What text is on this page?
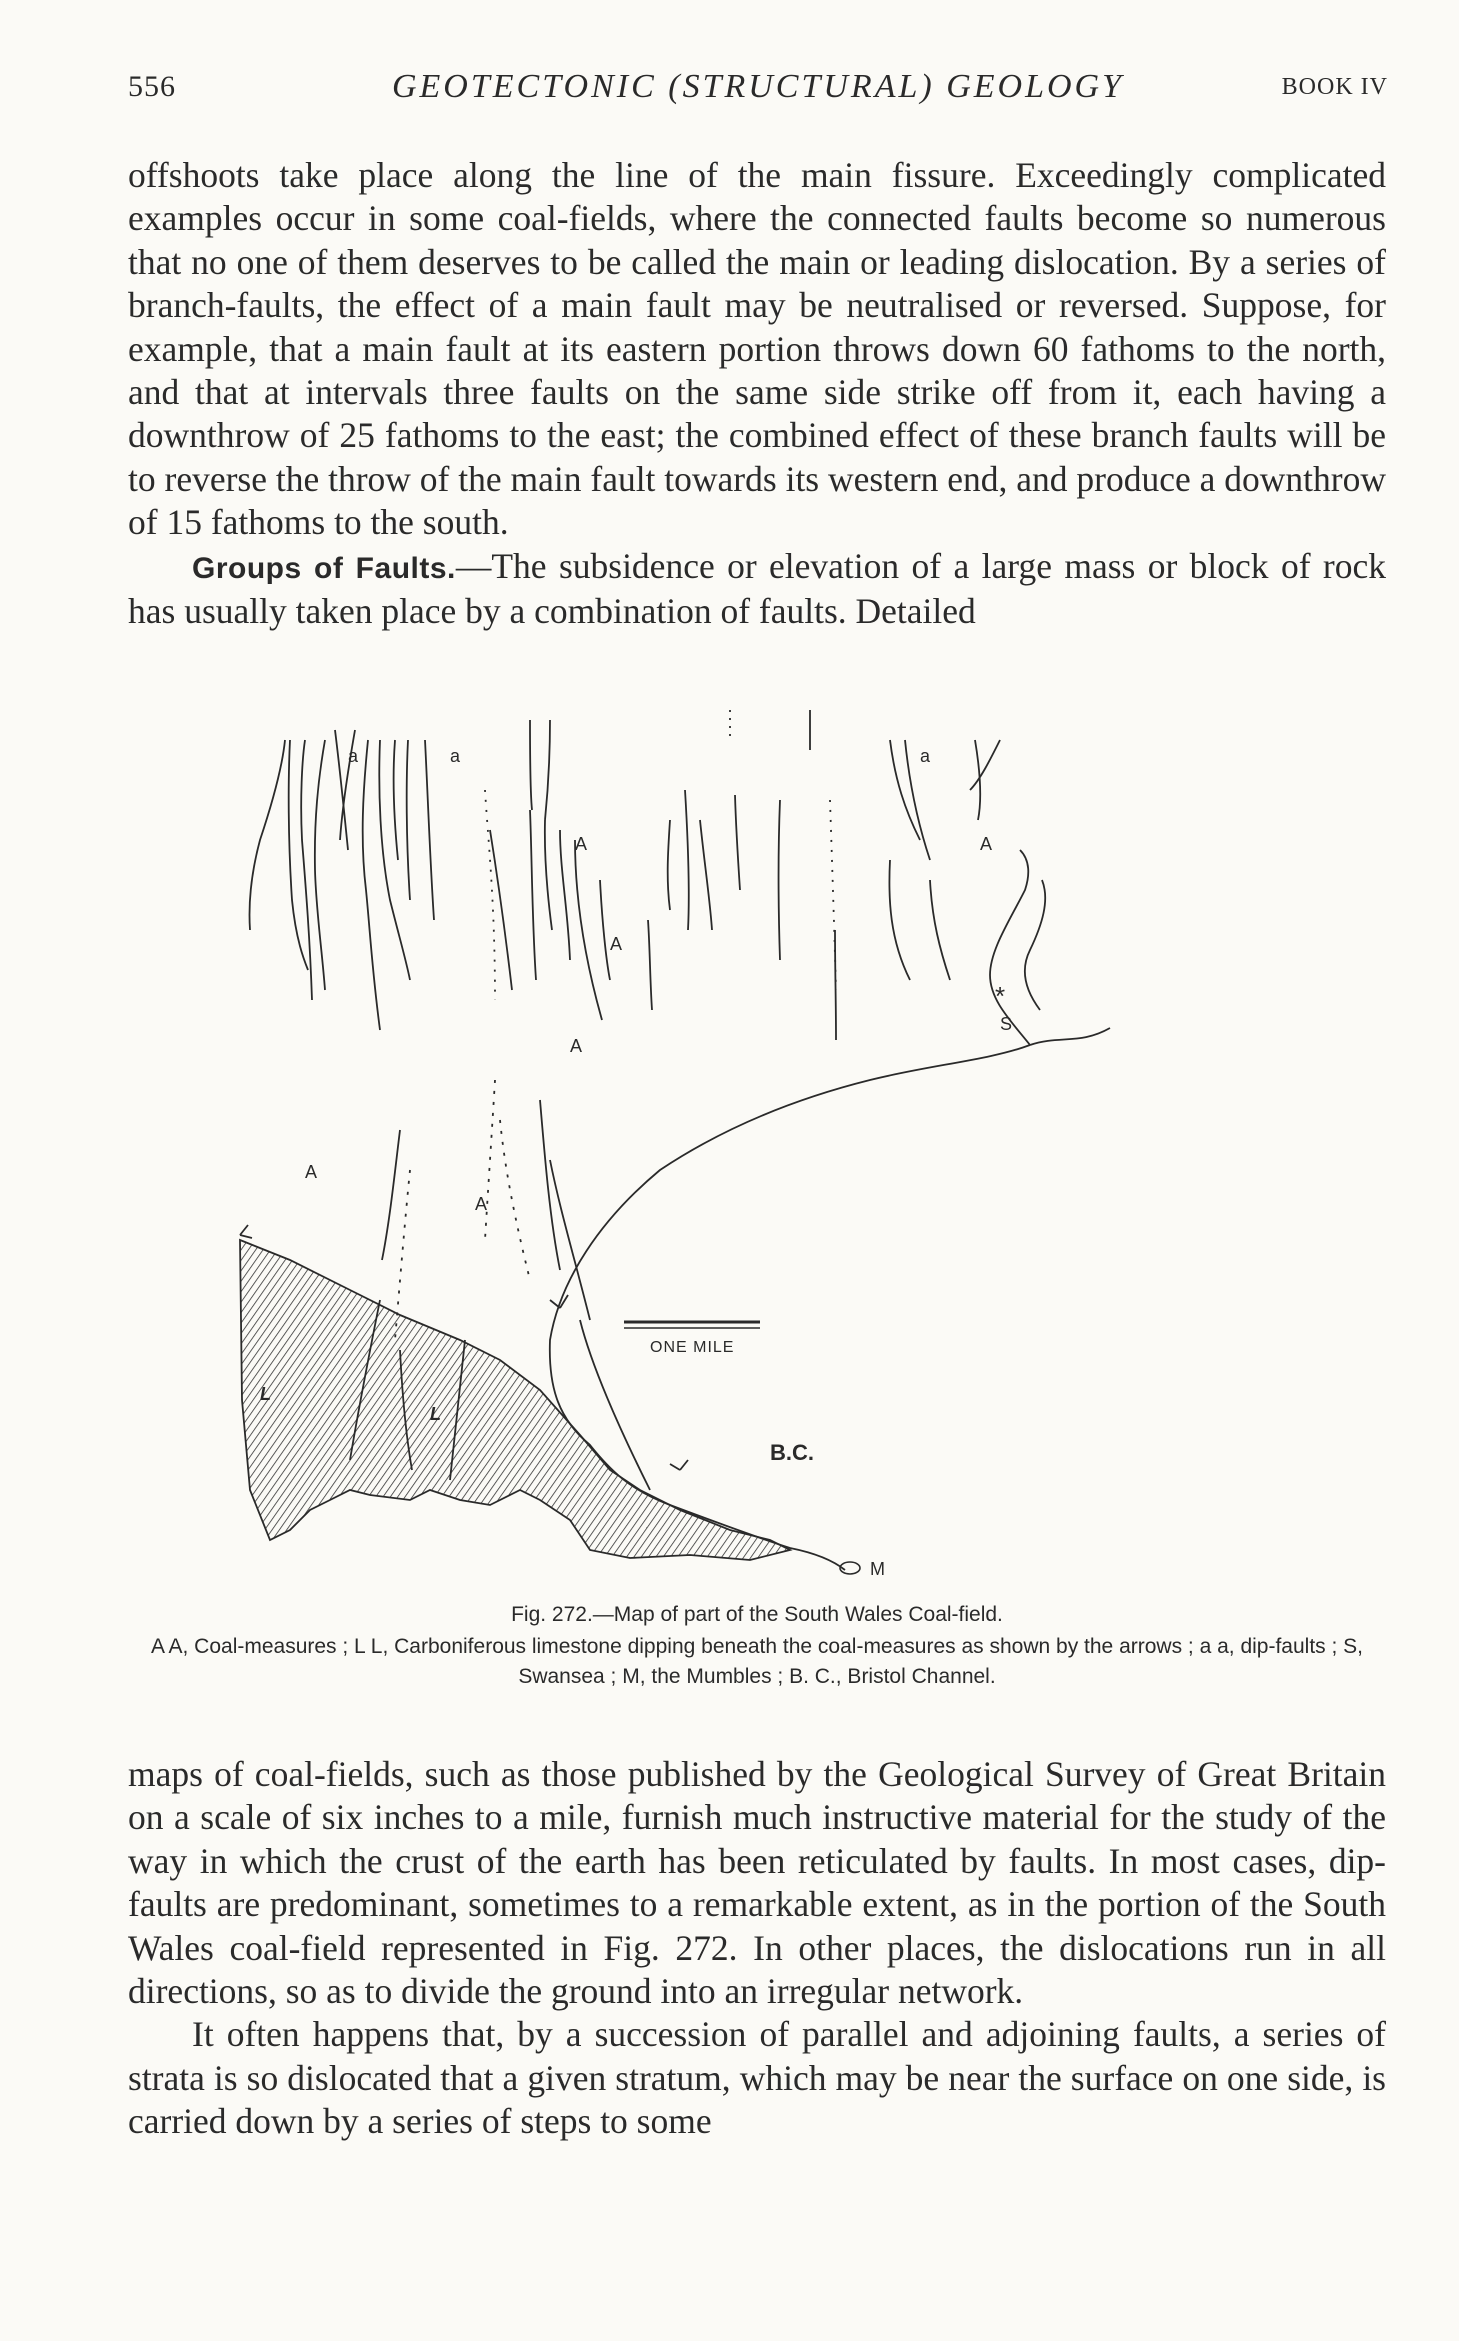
556	GEOTECTONIC (STRUCTURAL) GEOLOGY	BOOK IV

offshoots take place along the line of the main fissure. Exceedingly complicated examples occur in some coal-fields, where the connected faults become so numerous that no one of them deserves to be called the main or leading dislocation. By a series of branch-faults, the effect of a main fault may be neutralised or reversed. Suppose, for example, that a main fault at its eastern portion throws down 60 fathoms to the north, and that at intervals three faults on the same side strike off from it, each having a downthrow of 25 fathoms to the east; the combined effect of these branch faults will be to reverse the throw of the main fault towards its western end, and produce a downthrow of 15 fathoms to the south.

Groups of Faults.—The subsidence or elevation of a large mass or block of rock has usually taken place by a combination of faults. Detailed

a	a	a
A	A
A
A
A
A
L
L
*
S
M
ONE MILE
B.C.

Fig. 272.—Map of part of the South Wales Coal-field.

A A, Coal-measures ; L L, Carboniferous limestone dipping beneath the coal-measures as shown by the arrows ; a a, dip-faults ; S, Swansea ; M, the Mumbles ; B. C., Bristol Channel.

maps of coal-fields, such as those published by the Geological Survey of Great Britain on a scale of six inches to a mile, furnish much instructive material for the study of the way in which the crust of the earth has been reticulated by faults. In most cases, dip-faults are predominant, sometimes to a remarkable extent, as in the portion of the South Wales coal-field represented in Fig. 272. In other places, the dislocations run in all directions, so as to divide the ground into an irregular network.

It often happens that, by a succession of parallel and adjoining faults, a series of strata is so dislocated that a given stratum, which may be near the surface on one side, is carried down by a series of steps to some
